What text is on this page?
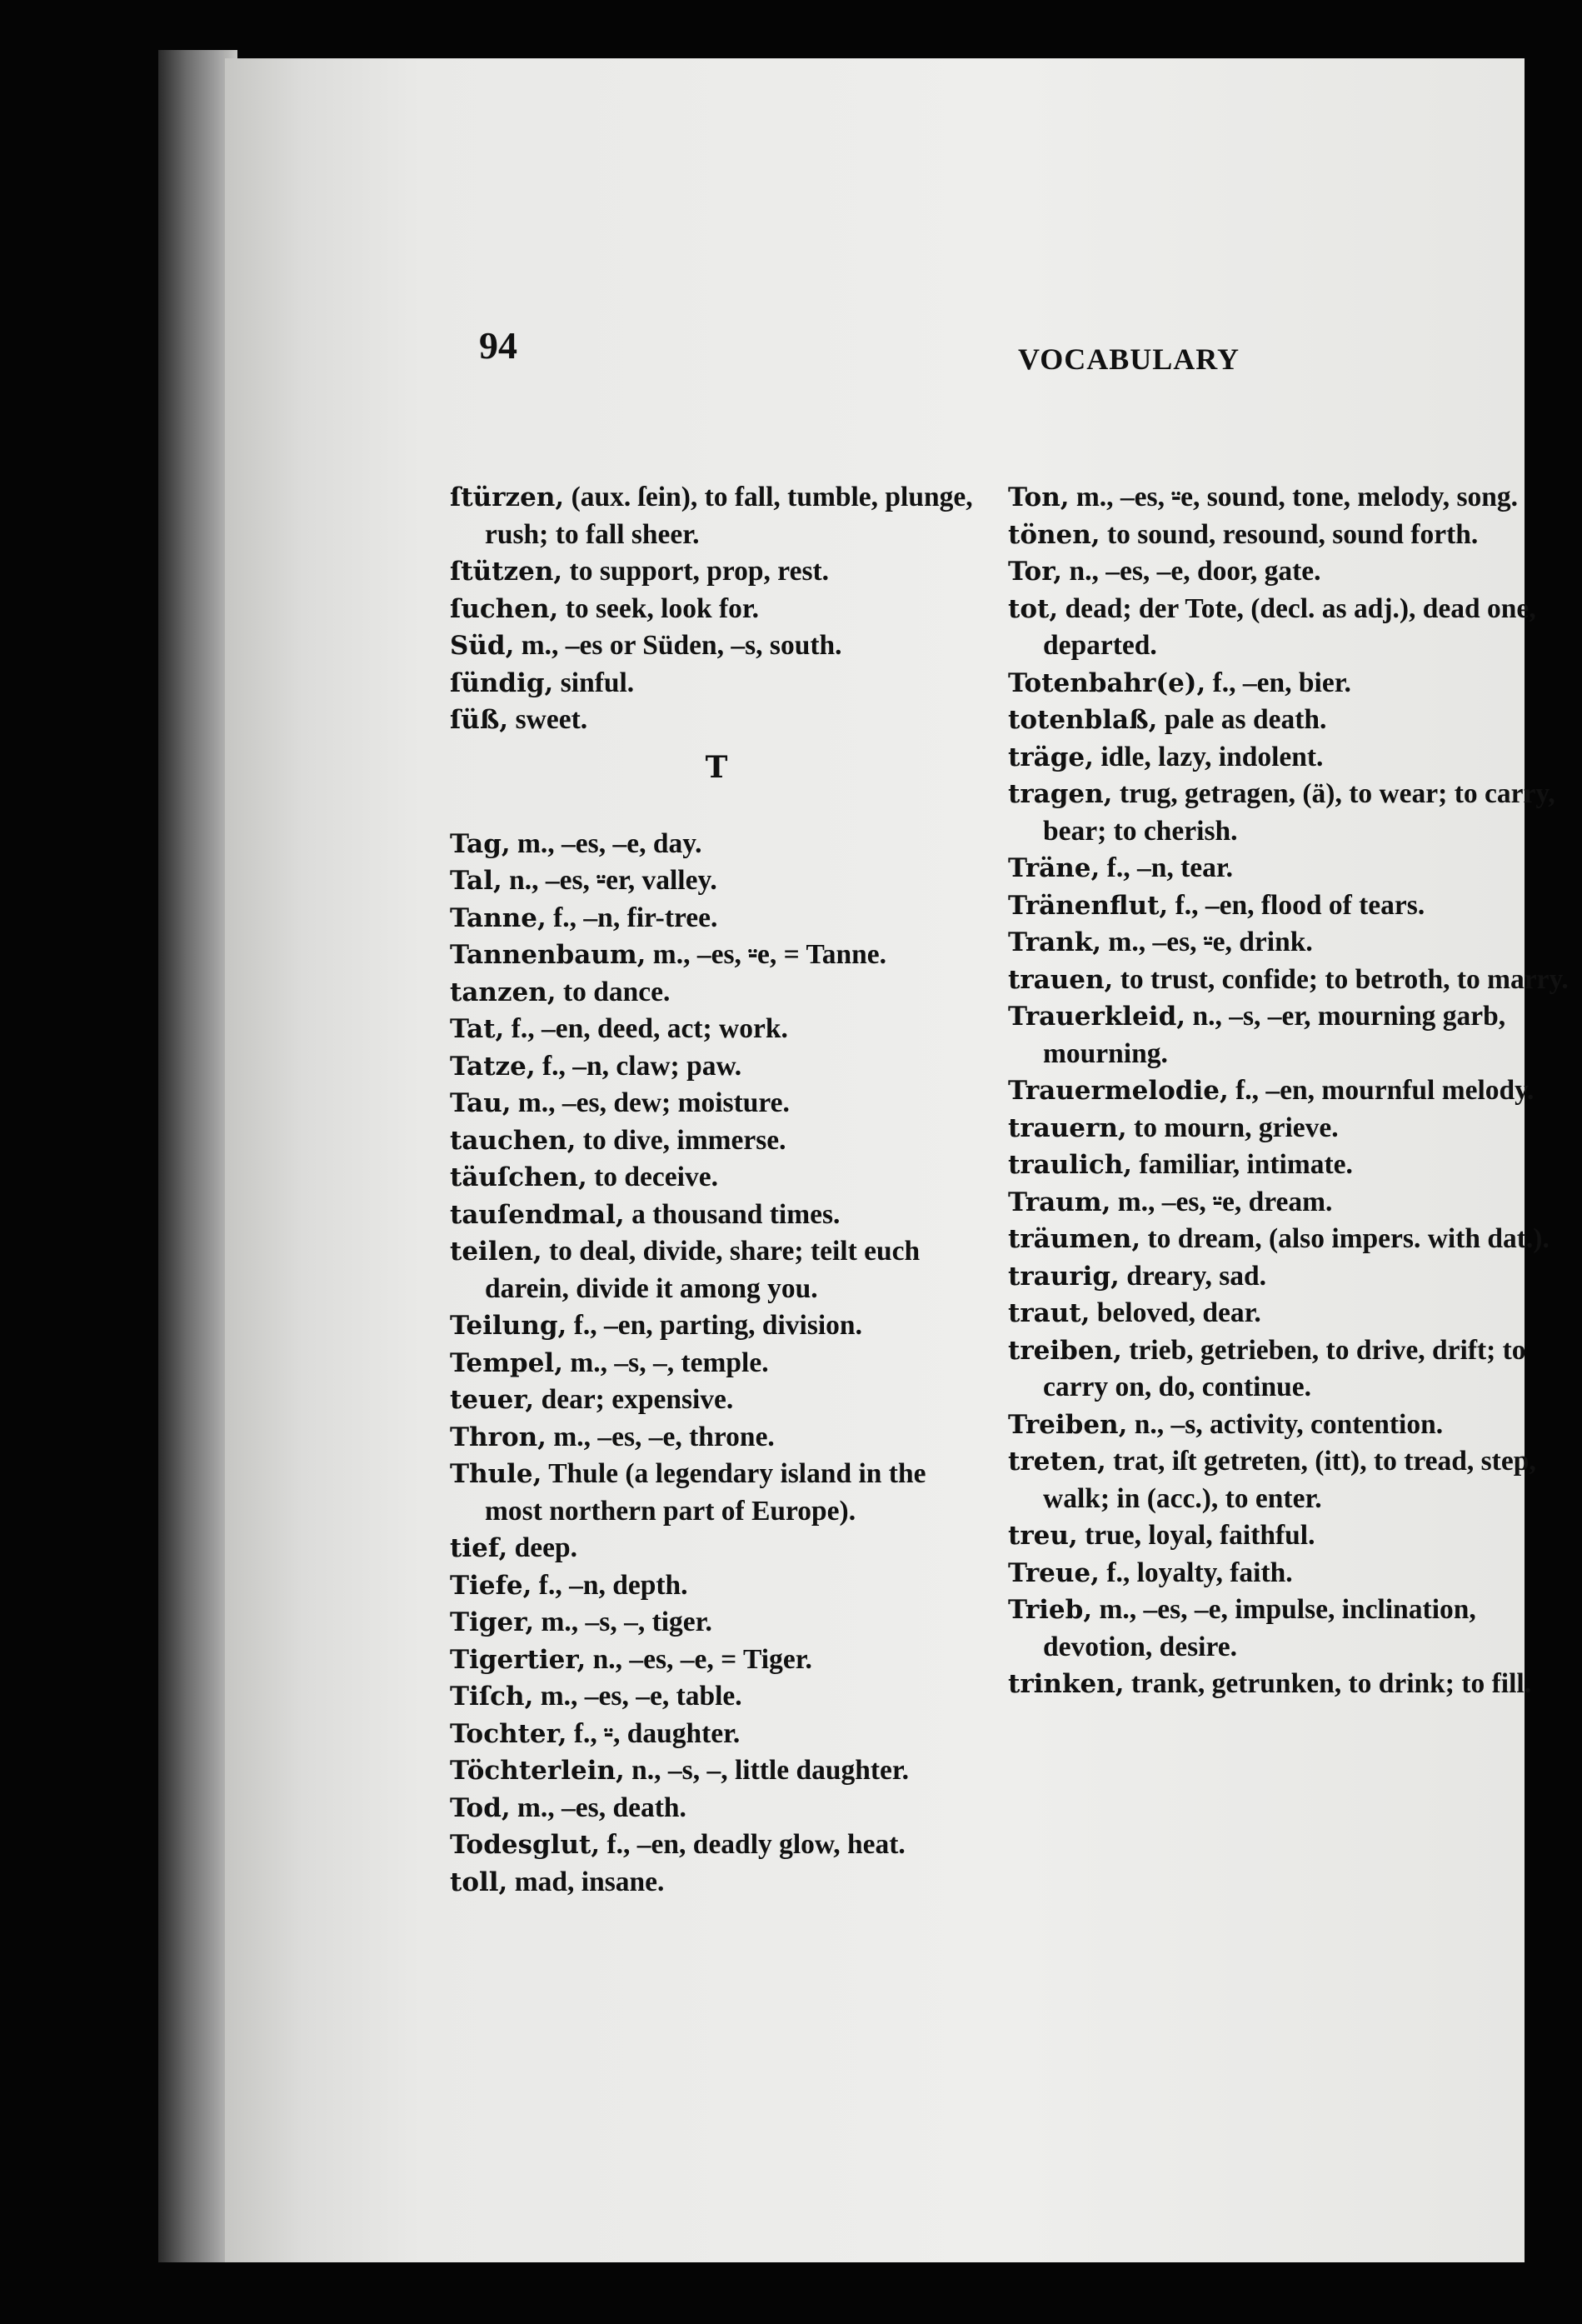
94	VOCABULARY
ſtürzen, (aux. ſein), to fall, tumble, plunge, rush; to fall sheer.
ſtützen, to support, prop, rest.
ſuchen, to seek, look for.
Süd, m., –es or Süden, –s, south.
ſündig, sinful.
ſüß, sweet.
T
Tag, m., –es, –e, day.
Tal, n., –es, ⸚er, valley.
Tanne, f., –n, fir-tree.
Tannenbaum, m., –es, ⸚e, = Tanne.
tanzen, to dance.
Tat, f., –en, deed, act; work.
Tatze, f., –n, claw; paw.
Tau, m., –es, dew; moisture.
tauchen, to dive, immerse.
täuſchen, to deceive.
tauſendmal, a thousand times.
teilen, to deal, divide, share; teilt euch darein, divide it among you.
Teilung, f., –en, parting, division.
Tempel, m., –s, –, temple.
teuer, dear; expensive.
Thron, m., –es, –e, throne.
Thule, Thule (a legendary island in the most northern part of Europe).
tief, deep.
Tiefe, f., –n, depth.
Tiger, m., –s, –, tiger.
Tigertier, n., –es, –e, = Tiger.
Tiſch, m., –es, –e, table.
Tochter, f., ⸚, daughter.
Töchterlein, n., –s, –, little daughter.
Tod, m., –es, death.
Todesglut, f., –en, deadly glow, heat.
toll, mad, insane.
Ton, m., –es, ⸚e, sound, tone, melody, song.
tönen, to sound, resound, sound forth.
Tor, n., –es, –e, door, gate.
tot, dead; der Tote, (decl. as adj.), dead one, departed.
Totenbahr(e), f., –en, bier.
totenblaß, pale as death.
träge, idle, lazy, indolent.
tragen, trug, getragen, (ä), to wear; to carry, bear; to cherish.
Träne, f., –n, tear.
Tränenflut, f., –en, flood of tears.
Trank, m., –es, ⸚e, drink.
trauen, to trust, confide; to betroth, to marry.
Trauerkleid, n., –s, –er, mourning garb, mourning.
Trauermelodie, f., –en, mournful melody.
trauern, to mourn, grieve.
traulich, familiar, intimate.
Traum, m., –es, ⸚e, dream.
träumen, to dream, (also impers. with dat.).
traurig, dreary, sad.
traut, beloved, dear.
treiben, trieb, getrieben, to drive, drift; to carry on, do, continue.
Treiben, n., –s, activity, contention.
treten, trat, iſt getreten, (itt), to tread, step, walk; in (acc.), to enter.
treu, true, loyal, faithful.
Treue, f., loyalty, faith.
Trieb, m., –es, –e, impulse, inclination, devotion, desire.
trinken, trank, getrunken, to drink; to fill.
